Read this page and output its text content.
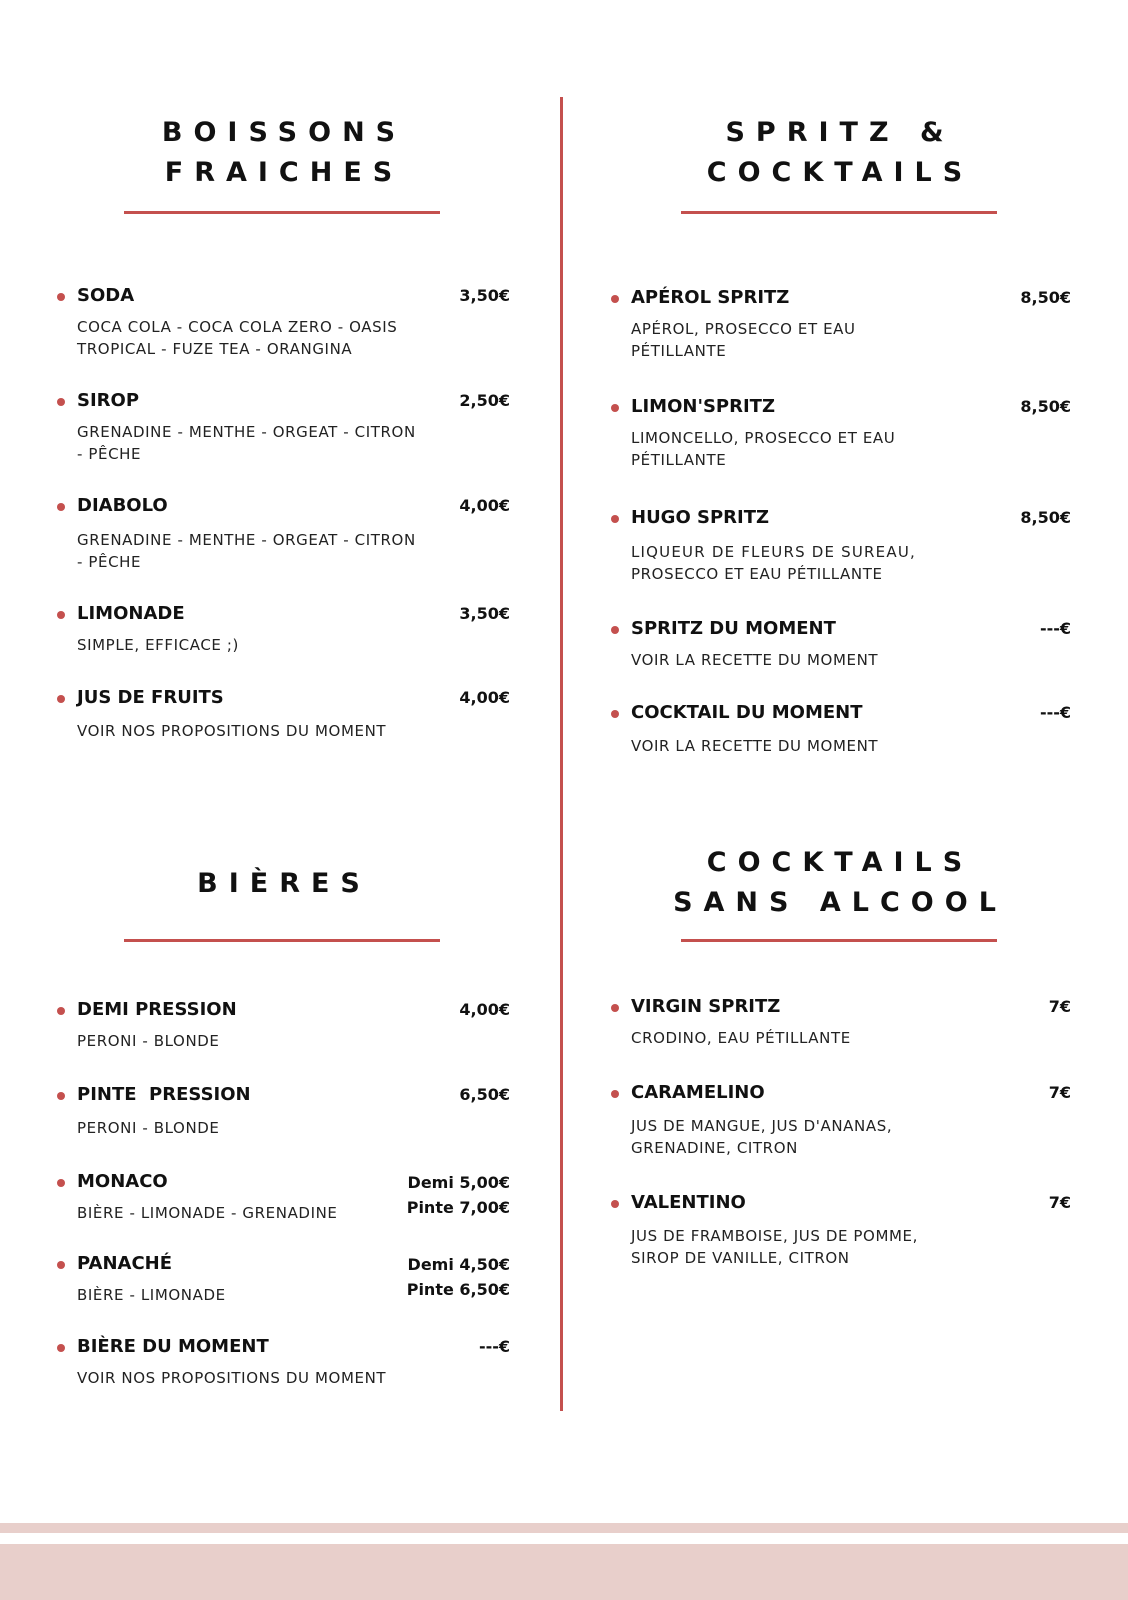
BOISSONS
FRAICHES
SODA	3,50€
COCA COLA - COCA COLA ZERO - OASIS
TROPICAL - FUZE TEA - ORANGINA
SIROP	2,50€
GRENADINE - MENTHE - ORGEAT - CITRON
- PÊCHE
DIABOLO	4,00€
GRENADINE - MENTHE - ORGEAT - CITRON
- PÊCHE
LIMONADE	3,50€
SIMPLE, EFFICACE ;)
JUS DE FRUITS	4,00€
VOIR NOS PROPOSITIONS DU MOMENT
SPRITZ &
COCKTAILS
APÉROL SPRITZ	8,50€
APÉROL, PROSECCO ET EAU
PÉTILLANTE
LIMON'SPRITZ	8,50€
LIMONCELLO, PROSECCO ET EAU
PÉTILLANTE
HUGO SPRITZ	8,50€
LIQUEUR DE FLEURS DE SUREAU,
PROSECCO ET EAU PÉTILLANTE
SPRITZ DU MOMENT	---€
VOIR LA RECETTE DU MOMENT
COCKTAIL DU MOMENT	---€
VOIR LA RECETTE DU MOMENT
BIÈRES
DEMI PRESSION	4,00€
PERONI - BLONDE
PINTE  PRESSION	6,50€
PERONI - BLONDE
MONACO	Demi 5,00€
Pinte 7,00€
BIÈRE - LIMONADE - GRENADINE
PANACHÉ	Demi 4,50€
Pinte 6,50€
BIÈRE - LIMONADE
BIÈRE DU MOMENT	---€
VOIR NOS PROPOSITIONS DU MOMENT
COCKTAILS
SANS ALCOOL
VIRGIN SPRITZ	7€
CRODINO, EAU PÉTILLANTE
CARAMELINO	7€
JUS DE MANGUE, JUS D'ANANAS,
GRENADINE, CITRON
VALENTINO	7€
JUS DE FRAMBOISE, JUS DE POMME,
SIROP DE VANILLE, CITRON
